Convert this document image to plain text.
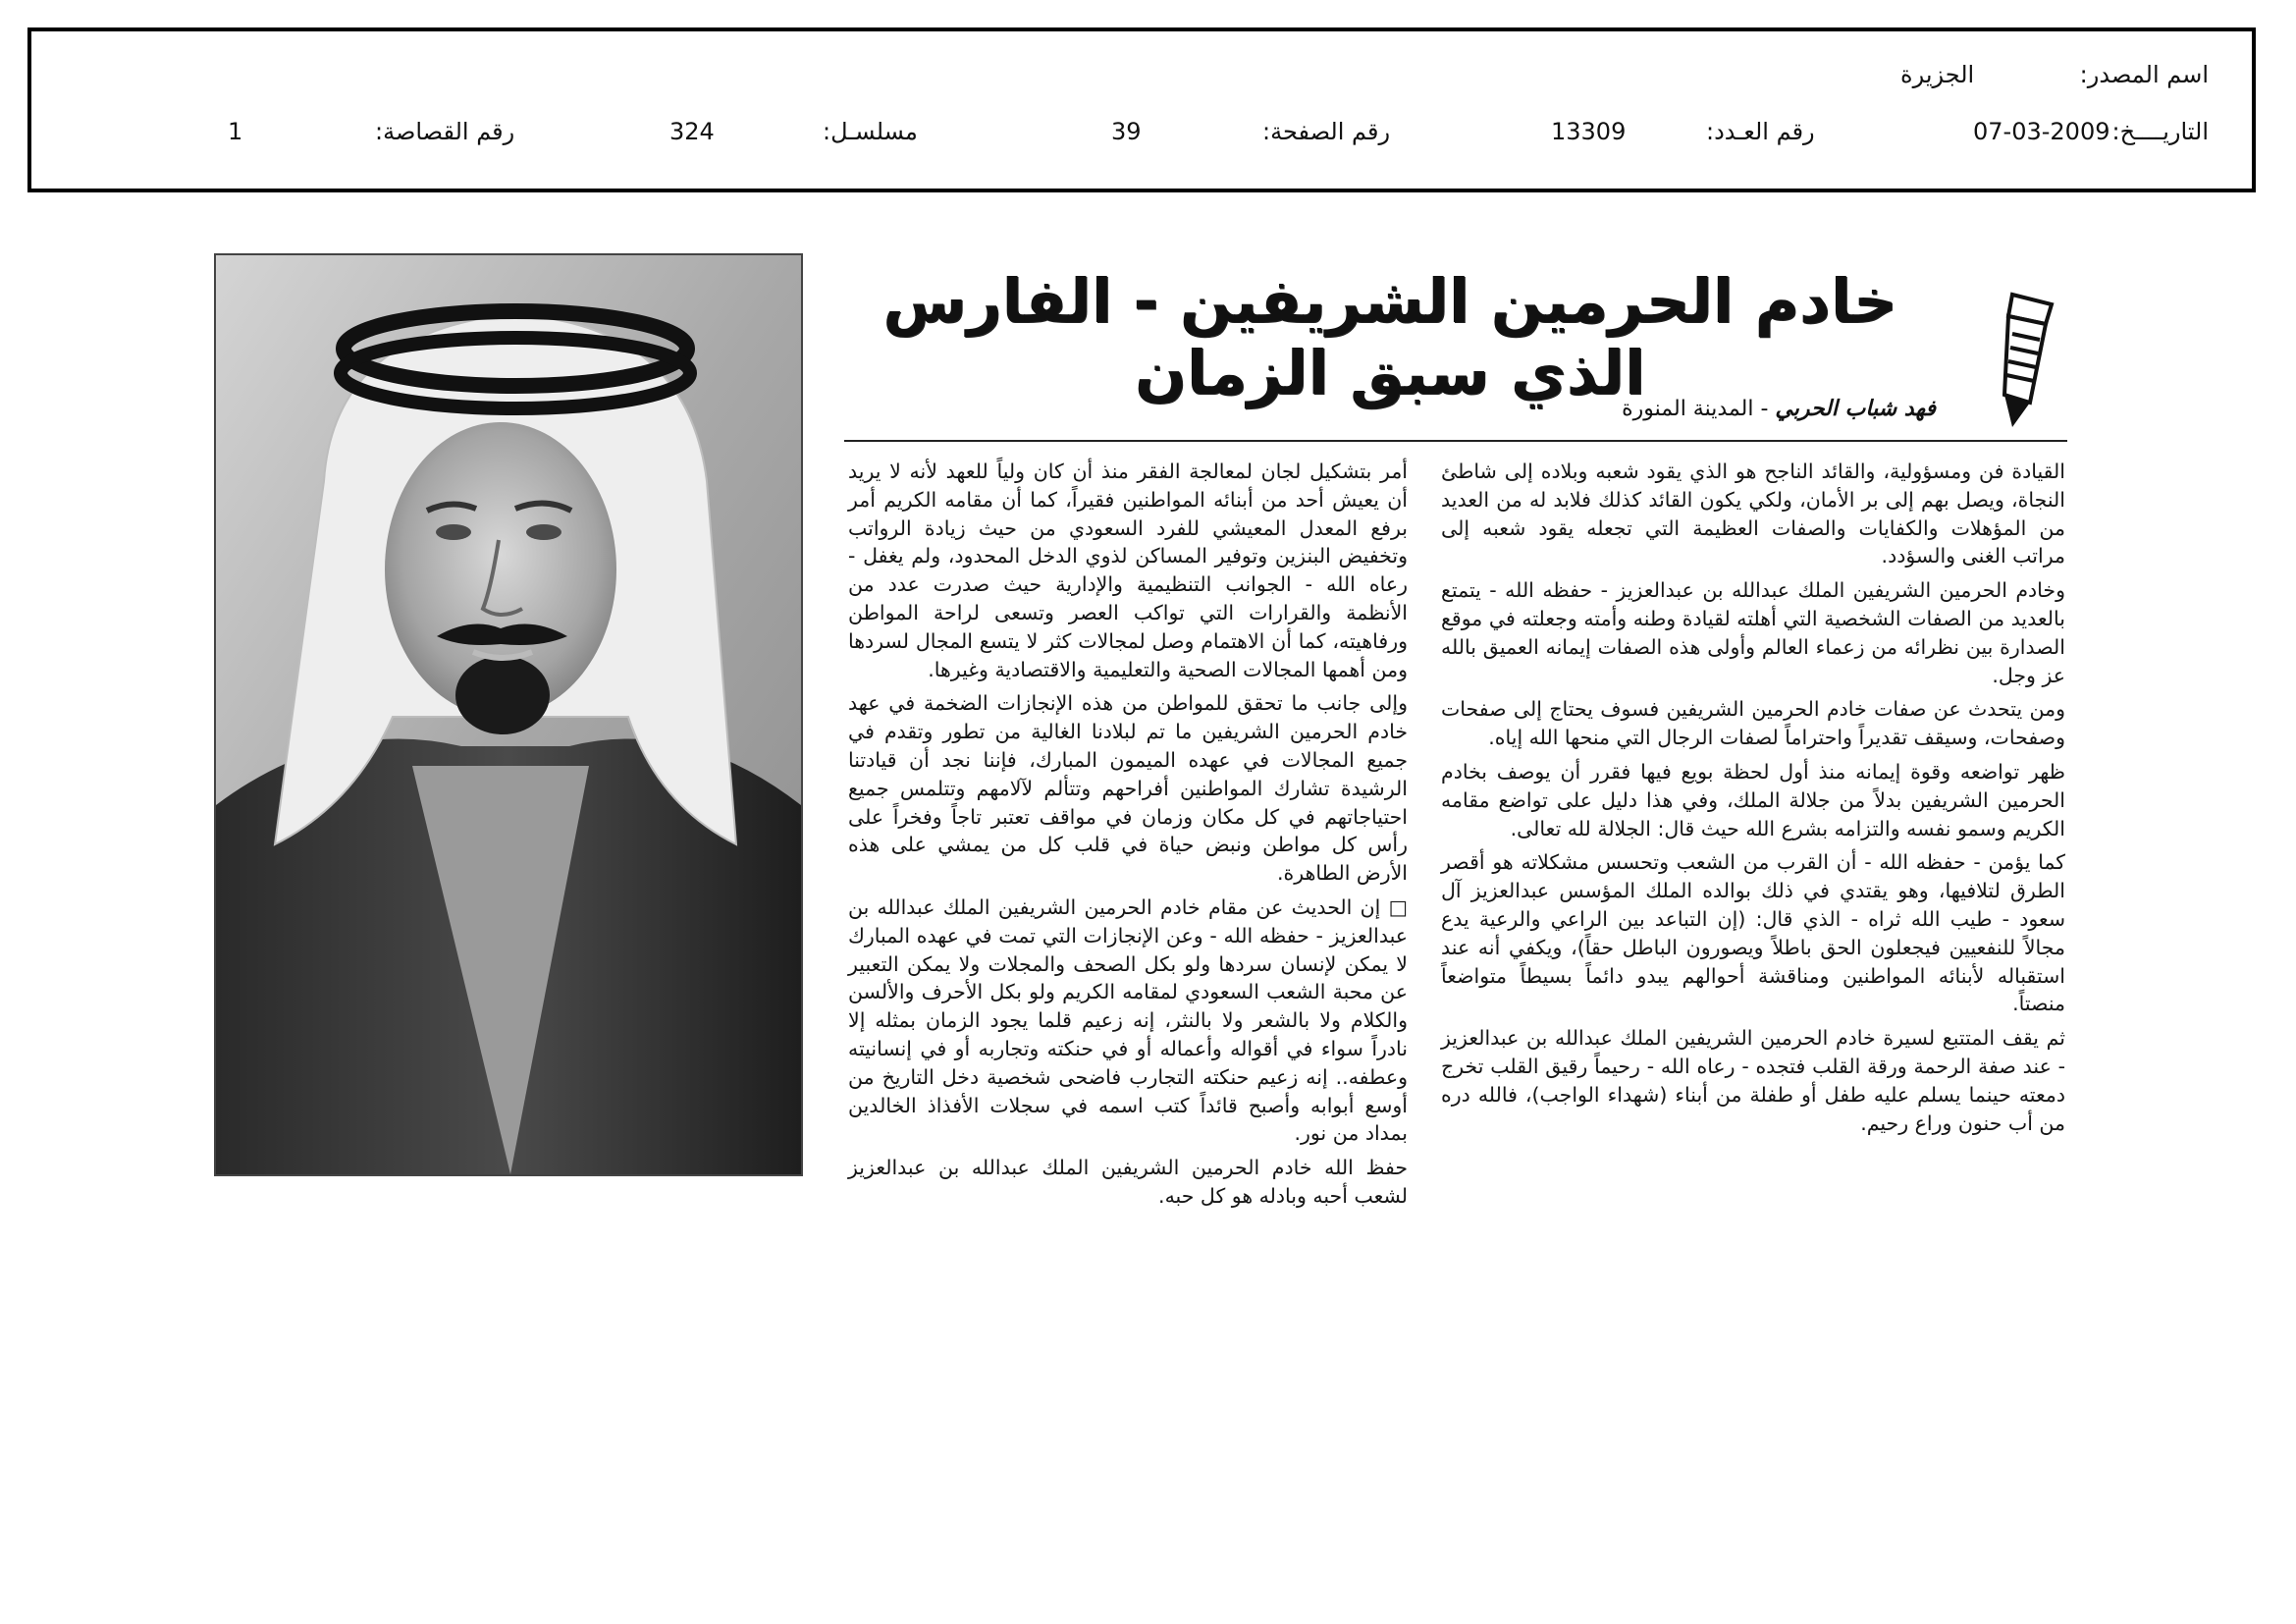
اسم المصدر:
الجزيرة
التاريــــخ:
07-03-2009
رقم العـدد:
13309
رقم الصفحة:
39
مسلسـل:
324
رقم القصاصة:
1
خادم الحرمين الشريفين - الفارس الذي سبق الزمان
فهد شباب الحربي - المدينة المنورة

القيادة فن ومسؤولية، والقائد الناجح هو الذي يقود شعبه وبلاده إلى شاطئ النجاة، ويصل بهم إلى بر الأمان، ولكي يكون القائد كذلك فلابد له من العديد من المؤهلات والكفايات والصفات العظيمة التي تجعله يقود شعبه إلى مراتب الغنى والسؤدد.

وخادم الحرمين الشريفين الملك عبدالله بن عبدالعزيز - حفظه الله - يتمتع بالعديد من الصفات الشخصية التي أهلته لقيادة وطنه وأمته وجعلته في موقع الصدارة بين نظرائه من زعماء العالم وأولى هذه الصفات إيمانه العميق بالله عز وجل.

ومن يتحدث عن صفات خادم الحرمين الشريفين فسوف يحتاج إلى صفحات وصفحات، وسيقف تقديراً واحتراماً لصفات الرجال التي منحها الله إياه.

ظهر تواضعه وقوة إيمانه منذ أول لحظة بويع فيها فقرر أن يوصف بخادم الحرمين الشريفين بدلاً من جلالة الملك، وفي هذا دليل على تواضع مقامه الكريم وسمو نفسه والتزامه بشرع الله حيث قال: الجلالة لله تعالى.

كما يؤمن - حفظه الله - أن القرب من الشعب وتحسس مشكلاته هو أقصر الطرق لتلافيها، وهو يقتدي في ذلك بوالده الملك المؤسس عبدالعزيز آل سعود - طيب الله ثراه - الذي قال: (إن التباعد بين الراعي والرعية يدع مجالاً للنفعيين فيجعلون الحق باطلاً ويصورون الباطل حقاً)، ويكفي أنه عند استقباله لأبنائه المواطنين ومناقشة أحوالهم يبدو دائماً بسيطاً متواضعاً منصتاً.

ثم يقف المتتبع لسيرة خادم الحرمين الشريفين الملك عبدالله بن عبدالعزيز - عند صفة الرحمة ورقة القلب فتجده - رعاه الله - رحيماً رقيق القلب تخرج دمعته حينما يسلم عليه طفل أو طفلة من أبناء (شهداء الواجب)، فالله دره من أب حنون وراع رحيم.

أمر بتشكيل لجان لمعالجة الفقر منذ أن كان ولياً للعهد لأنه لا يريد أن يعيش أحد من أبنائه المواطنين فقيراً، كما أن مقامه الكريم أمر برفع المعدل المعيشي للفرد السعودي من حيث زيادة الرواتب وتخفيض البنزين وتوفير المساكن لذوي الدخل المحدود، ولم يغفل - رعاه الله - الجوانب التنظيمية والإدارية حيث صدرت عدد من الأنظمة والقرارات التي تواكب العصر وتسعى لراحة المواطن ورفاهيته، كما أن الاهتمام وصل لمجالات كثر لا يتسع المجال لسردها ومن أهمها المجالات الصحية والتعليمية والاقتصادية وغيرها.

وإلى جانب ما تحقق للمواطن من هذه الإنجازات الضخمة في عهد خادم الحرمين الشريفين ما تم لبلادنا الغالية من تطور وتقدم في جميع المجالات في عهده الميمون المبارك، فإننا نجد أن قيادتنا الرشيدة تشارك المواطنين أفراحهم وتتألم لآلامهم وتتلمس جميع احتياجاتهم في كل مكان وزمان في مواقف تعتبر تاجاً وفخراً على رأس كل مواطن ونبض حياة في قلب كل من يمشي على هذه الأرض الطاهرة.

□ إن الحديث عن مقام خادم الحرمين الشريفين الملك عبدالله بن عبدالعزيز - حفظه الله - وعن الإنجازات التي تمت في عهده المبارك لا يمكن لإنسان سردها ولو بكل الصحف والمجلات ولا يمكن التعبير عن محبة الشعب السعودي لمقامه الكريم ولو بكل الأحرف والألسن والكلام ولا بالشعر ولا بالنثر، إنه زعيم قلما يجود الزمان بمثله إلا نادراً سواء في أقواله وأعماله أو في حنكته وتجاربه أو في إنسانيته وعطفه.. إنه زعيم حنكته التجارب فاضحى شخصية دخل التاريخ من أوسع أبوابه وأصبح قائداً كتب اسمه في سجلات الأفذاذ الخالدين بمداد من نور.

حفظ الله خادم الحرمين الشريفين الملك عبدالله بن عبدالعزيز لشعب أحبه وبادله هو كل حبه.
